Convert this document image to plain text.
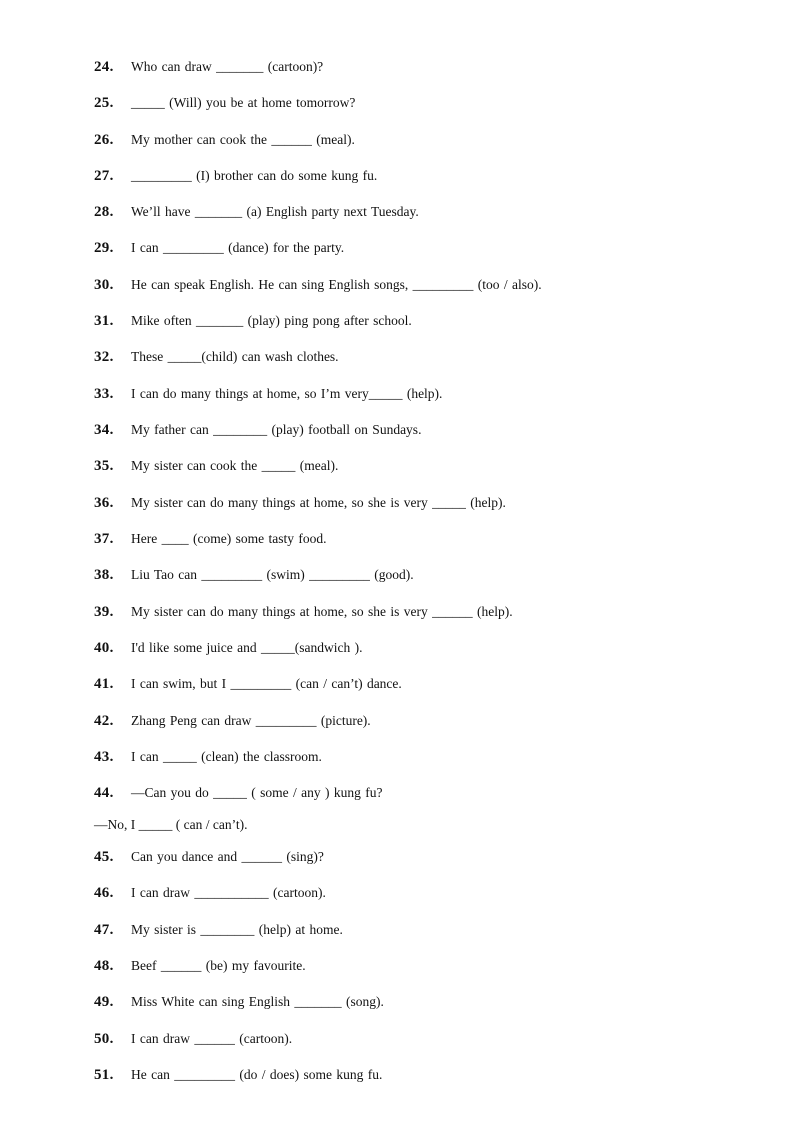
24. Who can draw _______ (cartoon)?
25. _____ (Will) you be at home tomorrow?
26. My mother can cook the ______ (meal).
27. _________ (I) brother can do some kung fu.
28. We’ll have _______ (a) English party next Tuesday.
29. I can _________ (dance) for the party.
30. He can speak English. He can sing English songs, _________ (too / also).
31. Mike often _______ (play) ping pong after school.
32. These _____(child) can wash clothes.
33. I can do many things at home, so I’m very_____ (help).
34. My father can ________ (play) football on Sundays.
35. My sister can cook the _____ (meal).
36. My sister can do many things at home, so she is very _____ (help).
37. Here ____ (come) some tasty food.
38. Liu Tao can _________ (swim) _________ (good).
39. My sister can do many things at home, so she is very ______ (help).
40. I'd like some juice and _____(sandwich ).
41. I can swim, but I _________ (can / can’t) dance.
42. Zhang Peng can draw _________ (picture).
43. I can _____ (clean) the classroom.
44. —Can you do _____ ( some / any ) kung fu?
—No, I _____ ( can / can’t).
45. Can you dance and ______ (sing)?
46. I can draw ___________ (cartoon).
47. My sister is ________ (help) at home.
48. Beef ______ (be) my favourite.
49. Miss White can sing English _______ (song).
50. I can draw ______ (cartoon).
51. He can _________ (do / does) some kung fu.
